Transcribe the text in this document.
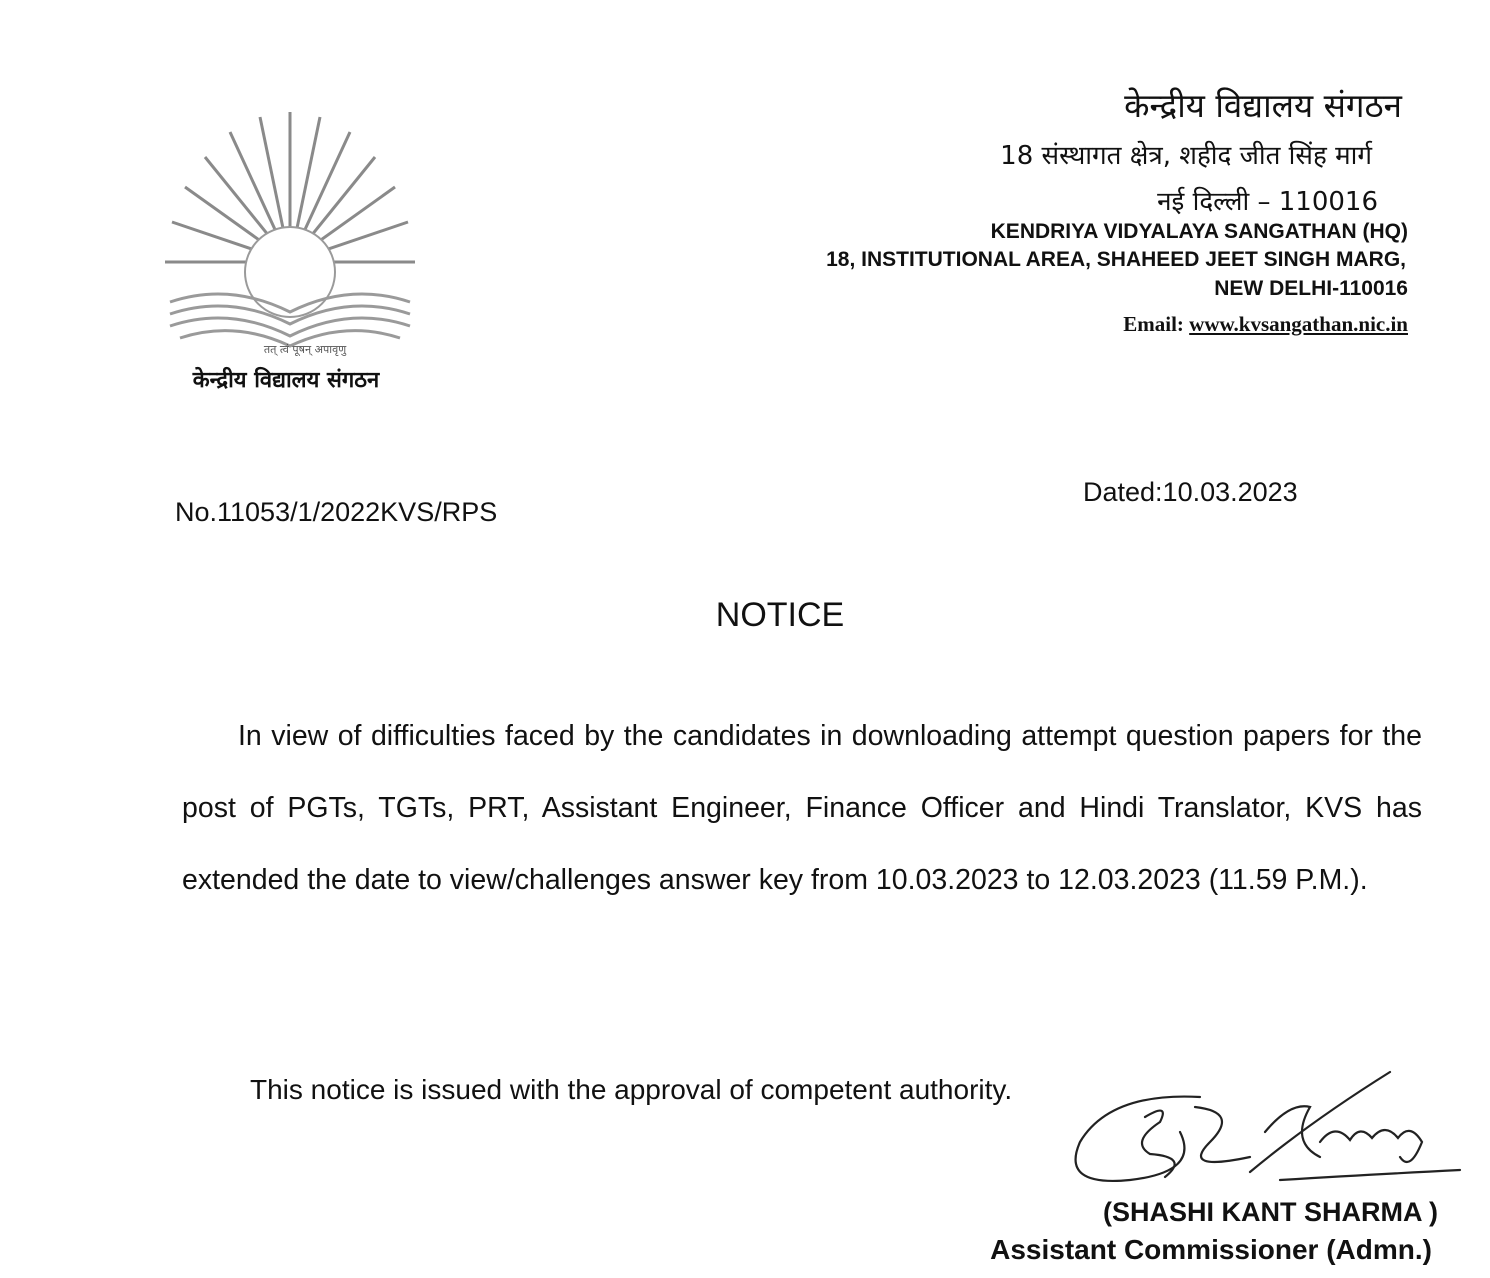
तत् त्वं पूषन् अपावृणु
केन्द्रीय विद्यालय संगठन
केन्द्रीय विद्यालय संगठन
18 संस्थागत क्षेत्र, शहीद जीत सिंह मार्ग
नई दिल्ली – 110016
KENDRIYA VIDYALAYA SANGATHAN (HQ)
18, INSTITUTIONAL AREA, SHAHEED JEET SINGH MARG,
NEW DELHI-110016
Email: www.kvsangathan.nic.in
No.11053/1/2022KVS/RPS
Dated:10.03.2023
NOTICE
In view of difficulties faced by the candidates in downloading attempt question papers for the post of PGTs, TGTs, PRT, Assistant Engineer, Finance Officer and Hindi Translator, KVS has extended the date to view/challenges answer key from 10.03.2023 to 12.03.2023 (11.59 P.M.).
This notice is issued with the approval of competent authority.
(SHASHI KANT SHARMA )
Assistant Commissioner (Admn.)
